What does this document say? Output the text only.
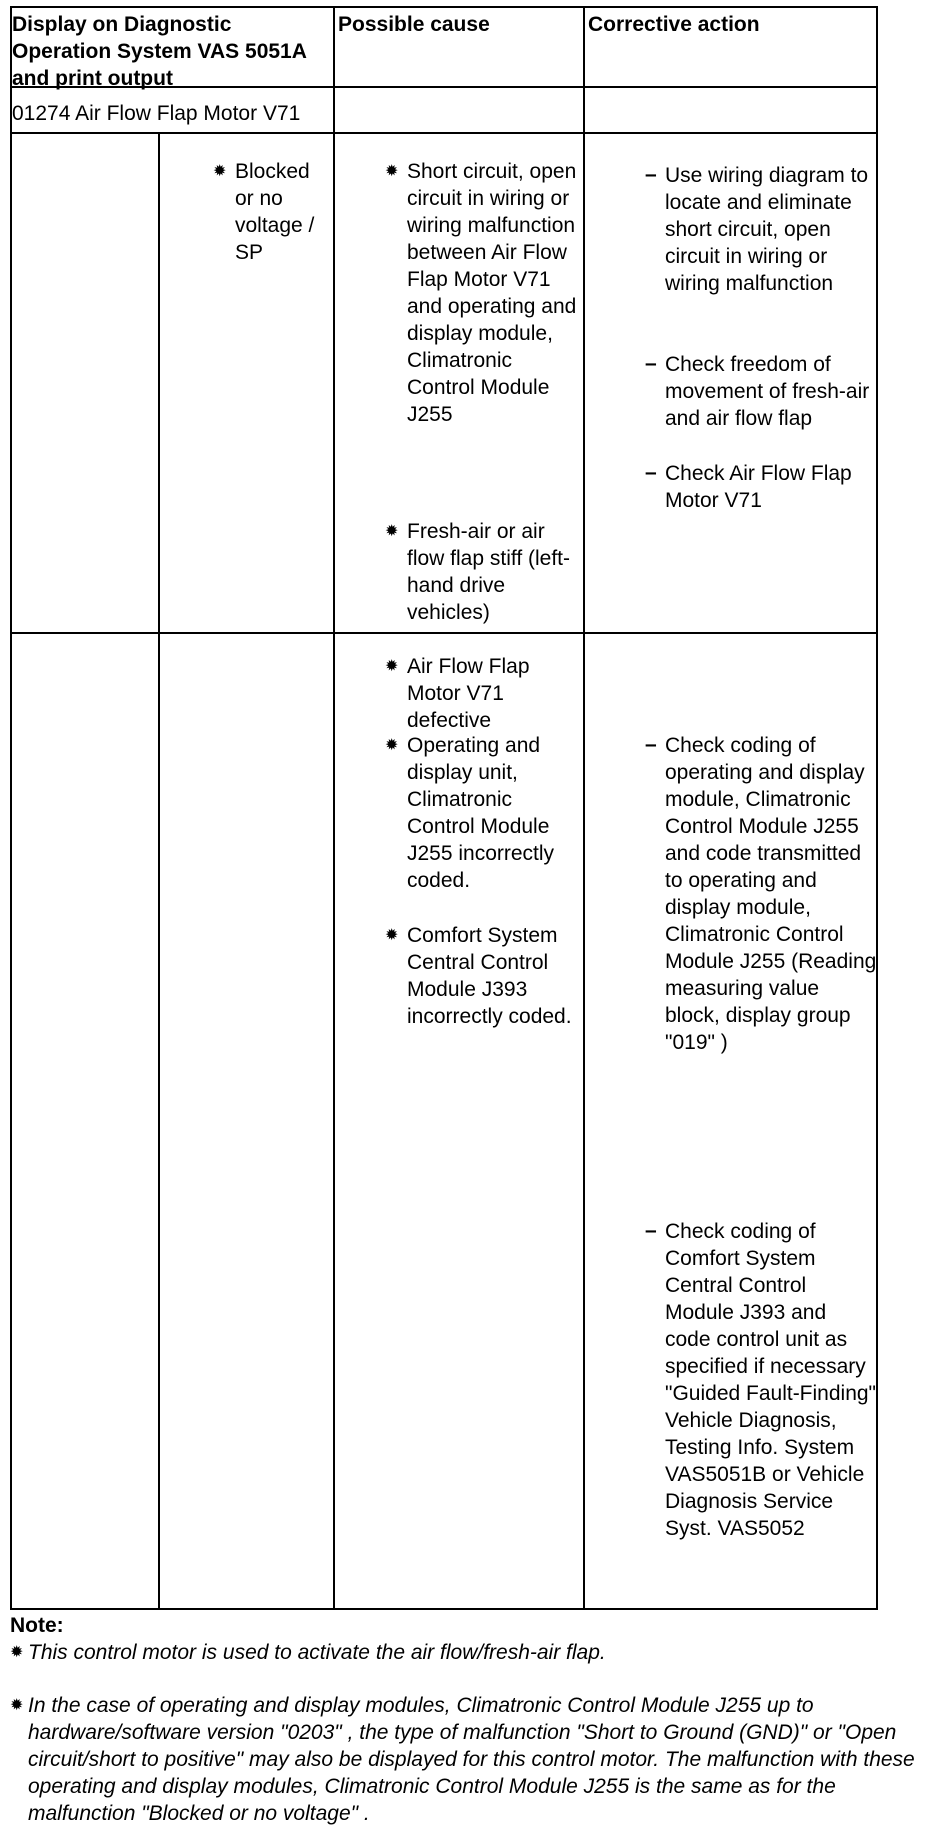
Display on Diagnostic Operation System VAS 5051A and print output
Possible cause	Corrective action
01274 Air Flow Flap Motor V71
✹ Blocked or no voltage / SP
✹ Short circuit, open circuit in wiring or wiring malfunction between Air Flow Flap Motor V71 and operating and display module, Climatronic Control Module J255
✹ Fresh-air or air flow flap stiff (left-hand drive vehicles)
✹ Air Flow Flap Motor V71 defective
– Use wiring diagram to locate and eliminate short circuit, open circuit in wiring or wiring malfunction
– Check freedom of movement of fresh-air and air flow flap
– Check Air Flow Flap Motor V71
✹ Operating and display unit, Climatronic Control Module J255 incorrectly coded.
✹ Comfort System Central Control Module J393 incorrectly coded.
– Check coding of operating and display module, Climatronic Control Module J255 and code transmitted to operating and display module, Climatronic Control Module J255 (Reading measuring value block, display group "019" )
– Check coding of Comfort System Central Control Module J393 and code control unit as specified if necessary "Guided Fault-Finding" Vehicle Diagnosis, Testing Info. System VAS5051B or Vehicle Diagnosis Service Syst. VAS5052
Note:
✹ This control motor is used to activate the air flow/fresh-air flap.
✹ In the case of operating and display modules, Climatronic Control Module J255 up to hardware/software version "0203" , the type of malfunction "Short to Ground (GND)" or "Open circuit/short to positive" may also be displayed for this control motor. The malfunction with these operating and display modules, Climatronic Control Module J255 is the same as for the malfunction "Blocked or no voltage" .
